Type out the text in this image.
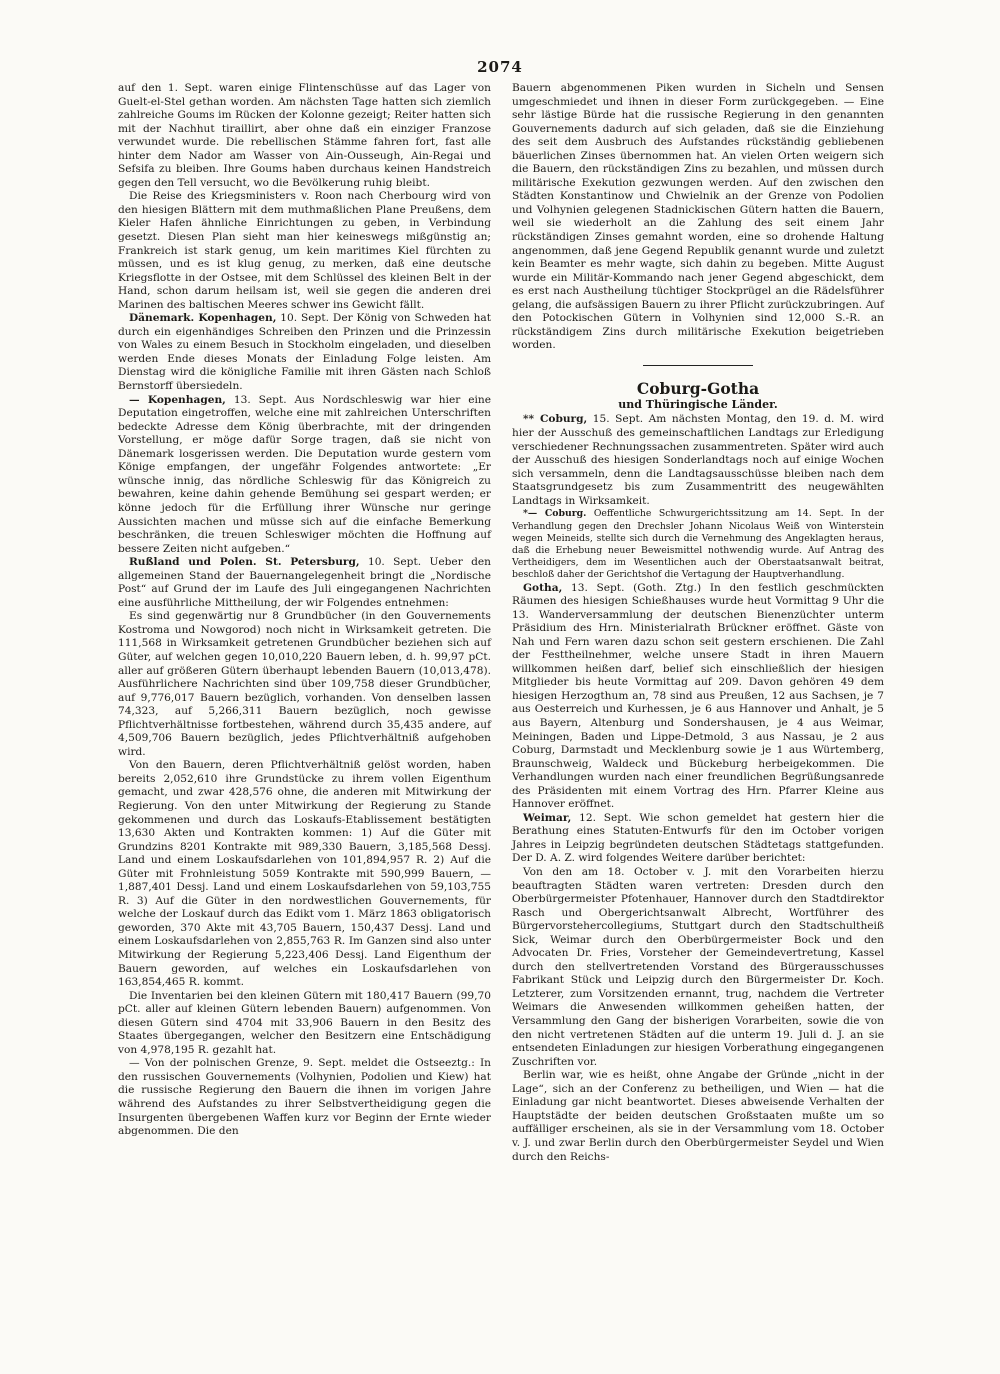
2074

auf den 1. Sept. waren einige Flintenschüsse auf das Lager von Guelt-el-Stel gethan worden. Am nächsten Tage hatten sich ziemlich zahlreiche Goums im Rücken der Kolonne gezeigt; Reiter hatten sich mit der Nachhut tiraillirt, aber ohne daß ein einziger Franzose verwundet wurde. Die rebellischen Stämme fahren fort, fast alle hinter dem Nador am Wasser von Ain-Ousseugh, Ain-Regai und Sefsifa zu bleiben. Ihre Goums haben durchaus keinen Handstreich gegen den Tell versucht, wo die Bevölkerung ruhig bleibt.

Die Reise des Kriegsministers v. Roon nach Cherbourg wird von den hiesigen Blättern mit dem muthmaßlichen Plane Preußens, dem Kieler Hafen ähnliche Einrichtungen zu geben, in Verbindung gesetzt. Diesen Plan sieht man hier keineswegs mißgünstig an; Frankreich ist stark genug, um kein maritimes Kiel fürchten zu müssen, und es ist klug genug, zu merken, daß eine deutsche Kriegsflotte in der Ostsee, mit dem Schlüssel des kleinen Belt in der Hand, schon darum heilsam ist, weil sie gegen die anderen drei Marinen des baltischen Meeres schwer ins Gewicht fällt.

Dänemark. Kopenhagen, 10. Sept. Der König von Schweden hat durch ein eigenhändiges Schreiben den Prinzen und die Prinzessin von Wales zu einem Besuch in Stockholm eingeladen, und dieselben werden Ende dieses Monats der Einladung Folge leisten. Am Dienstag wird die königliche Familie mit ihren Gästen nach Schloß Bernstorff übersiedeln.

— Kopenhagen, 13. Sept. Aus Nordschleswig war hier eine Deputation eingetroffen, welche eine mit zahlreichen Unterschriften bedeckte Adresse dem König überbrachte, mit der dringenden Vorstellung, er möge dafür Sorge tragen, daß sie nicht von Dänemark losgerissen werden. Die Deputation wurde gestern vom Könige empfangen, der ungefähr Folgendes antwortete: „Er wünsche innig, das nördliche Schleswig für das Königreich zu bewahren, keine dahin gehende Bemühung sei gespart werden; er könne jedoch für die Erfüllung ihrer Wünsche nur geringe Aussichten machen und müsse sich auf die einfache Bemerkung beschränken, die treuen Schleswiger möchten die Hoffnung auf bessere Zeiten nicht aufgeben.“

Rußland und Polen. St. Petersburg, 10. Sept. Ueber den allgemeinen Stand der Bauernangelegenheit bringt die „Nordische Post“ auf Grund der im Laufe des Juli eingegangenen Nachrichten eine ausführliche Mittheilung, der wir Folgendes entnehmen:

Es sind gegenwärtig nur 8 Grundbücher (in den Gouvernements Kostroma und Nowgorod) noch nicht in Wirksamkeit getreten. Die 111,568 in Wirksamkeit getretenen Grundbücher beziehen sich auf Güter, auf welchen gegen 10,010,220 Bauern leben, d. h. 99,97 pCt. aller auf größeren Gütern überhaupt lebenden Bauern (10,013,478). Ausführlichere Nachrichten sind über 109,758 dieser Grundbücher, auf 9,776,017 Bauern bezüglich, vorhanden. Von denselben lassen 74,323, auf 5,266,311 Bauern bezüglich, noch gewisse Pflichtverhältnisse fortbestehen, während durch 35,435 andere, auf 4,509,706 Bauern bezüglich, jedes Pflichtverhältniß aufgehoben wird.

Von den Bauern, deren Pflichtverhältniß gelöst worden, haben bereits 2,052,610 ihre Grundstücke zu ihrem vollen Eigenthum gemacht, und zwar 428,576 ohne, die anderen mit Mitwirkung der Regierung. Von den unter Mitwirkung der Regierung zu Stande gekommenen und durch das Loskaufs-Etablissement bestätigten 13,630 Akten und Kontrakten kommen: 1) Auf die Güter mit Grundzins 8201 Kontrakte mit 989,330 Bauern, 3,185,568 Dessj. Land und einem Loskaufsdarlehen von 101,894,957 R. 2) Auf die Güter mit Frohnleistung 5059 Kontrakte mit 590,999 Bauern, — 1,887,401 Dessj. Land und einem Loskaufsdarlehen von 59,103,755 R. 3) Auf die Güter in den nordwestlichen Gouvernements, für welche der Loskauf durch das Edikt vom 1. März 1863 obligatorisch geworden, 370 Akte mit 43,705 Bauern, 150,437 Dessj. Land und einem Loskaufsdarlehen von 2,855,763 R. Im Ganzen sind also unter Mitwirkung der Regierung 5,223,406 Dessj. Land Eigenthum der Bauern geworden, auf welches ein Loskaufsdarlehen von 163,854,465 R. kommt.

Die Inventarien bei den kleinen Gütern mit 180,417 Bauern (99,70 pCt. aller auf kleinen Gütern lebenden Bauern) aufgenommen. Von diesen Gütern sind 4704 mit 33,906 Bauern in den Besitz des Staates übergegangen, welcher den Besitzern eine Entschädigung von 4,978,195 R. gezahlt hat.

— Von der polnischen Grenze, 9. Sept. meldet die Ostseeztg.: In den russischen Gouvernements (Volhynien, Podolien und Kiew) hat die russische Regierung den Bauern die ihnen im vorigen Jahre während des Aufstandes zu ihrer Selbstvertheidigung gegen die Insurgenten übergebenen Waffen kurz vor Beginn der Ernte wieder abgenommen. Die den

Bauern abgenommenen Piken wurden in Sicheln und Sensen umgeschmiedet und ihnen in dieser Form zurückgegeben. — Eine sehr lästige Bürde hat die russische Regierung in den genannten Gouvernements dadurch auf sich geladen, daß sie die Einziehung des seit dem Ausbruch des Aufstandes rückständig gebliebenen bäuerlichen Zinses übernommen hat. An vielen Orten weigern sich die Bauern, den rückständigen Zins zu bezahlen, und müssen durch militärische Exekution gezwungen werden. Auf den zwischen den Städten Konstantinow und Chwielnik an der Grenze von Podolien und Volhynien gelegenen Stadnickischen Gütern hatten die Bauern, weil sie wiederholt an die Zahlung des seit einem Jahr rückständigen Zinses gemahnt worden, eine so drohende Haltung angenommen, daß jene Gegend Republik genannt wurde und zuletzt kein Beamter es mehr wagte, sich dahin zu begeben. Mitte August wurde ein Militär-Kommando nach jener Gegend abgeschickt, dem es erst nach Austheilung tüchtiger Stockprügel an die Rädelsführer gelang, die aufsässigen Bauern zu ihrer Pflicht zurückzubringen. Auf den Potockischen Gütern in Volhynien sind 12,000 S.-R. an rückständigem Zins durch militärische Exekution beigetrieben worden.

Coburg-Gotha
und Thüringische Länder.

** Coburg, 15. Sept. Am nächsten Montag, den 19. d. M. wird hier der Ausschuß des gemeinschaftlichen Landtags zur Erledigung verschiedener Rechnungssachen zusammentreten. Später wird auch der Ausschuß des hiesigen Sonderlandtags noch auf einige Wochen sich versammeln, denn die Landtagsausschüsse bleiben nach dem Staatsgrundgesetz bis zum Zusammentritt des neugewählten Landtags in Wirksamkeit.

*— Coburg. Oeffentliche Schwurgerichtssitzung am 14. Sept. In der Verhandlung gegen den Drechsler Johann Nicolaus Weiß von Winterstein wegen Meineids, stellte sich durch die Vernehmung des Angeklagten heraus, daß die Erhebung neuer Beweismittel nothwendig wurde. Auf Antrag des Vertheidigers, dem im Wesentlichen auch der Oberstaatsanwalt beitrat, beschloß daher der Gerichtshof die Vertagung der Hauptverhandlung.

Gotha, 13. Sept. (Goth. Ztg.) In den festlich geschmückten Räumen des hiesigen Schießhauses wurde heut Vormittag 9 Uhr die 13. Wanderversammlung der deutschen Bienenzüchter unterm Präsidium des Hrn. Ministerialrath Brückner eröffnet. Gäste von Nah und Fern waren dazu schon seit gestern erschienen. Die Zahl der Festtheilnehmer, welche unsere Stadt in ihren Mauern willkommen heißen darf, belief sich einschließlich der hiesigen Mitglieder bis heute Vormittag auf 209. Davon gehören 49 dem hiesigen Herzogthum an, 78 sind aus Preußen, 12 aus Sachsen, je 7 aus Oesterreich und Kurhessen, je 6 aus Hannover und Anhalt, je 5 aus Bayern, Altenburg und Sondershausen, je 4 aus Weimar, Meiningen, Baden und Lippe-Detmold, 3 aus Nassau, je 2 aus Coburg, Darmstadt und Mecklenburg sowie je 1 aus Würtemberg, Braunschweig, Waldeck und Bückeburg herbeigekommen. Die Verhandlungen wurden nach einer freundlichen Begrüßungsanrede des Präsidenten mit einem Vortrag des Hrn. Pfarrer Kleine aus Hannover eröffnet.

Weimar, 12. Sept. Wie schon gemeldet hat gestern hier die Berathung eines Statuten-Entwurfs für den im October vorigen Jahres in Leipzig begründeten deutschen Städtetags stattgefunden. Der D. A. Z. wird folgendes Weitere darüber berichtet:

Von den am 18. October v. J. mit den Vorarbeiten hierzu beauftragten Städten waren vertreten: Dresden durch den Oberbürgermeister Pfotenhauer, Hannover durch den Stadtdirektor Rasch und Obergerichtsanwalt Albrecht, Wortführer des Bürgervorstehercollegiums, Stuttgart durch den Stadtschultheiß Sick, Weimar durch den Oberbürgermeister Bock und den Advocaten Dr. Fries, Vorsteher der Gemeindevertretung, Kassel durch den stellvertretenden Vorstand des Bürgerausschusses Fabrikant Stück und Leipzig durch den Bürgermeister Dr. Koch. Letzterer, zum Vorsitzenden ernannt, trug, nachdem die Vertreter Weimars die Anwesenden willkommen geheißen hatten, der Versammlung den Gang der bisherigen Vorarbeiten, sowie die von den nicht vertretenen Städten auf die unterm 19. Juli d. J. an sie entsendeten Einladungen zur hiesigen Vorberathung eingegangenen Zuschriften vor.

Berlin war, wie es heißt, ohne Angabe der Gründe „nicht in der Lage“, sich an der Conferenz zu betheiligen, und Wien — hat die Einladung gar nicht beantwortet. Dieses abweisende Verhalten der Hauptstädte der beiden deutschen Großstaaten mußte um so auffälliger erscheinen, als sie in der Versammlung vom 18. October v. J. und zwar Berlin durch den Oberbürgermeister Seydel und Wien durch den Reichs-
